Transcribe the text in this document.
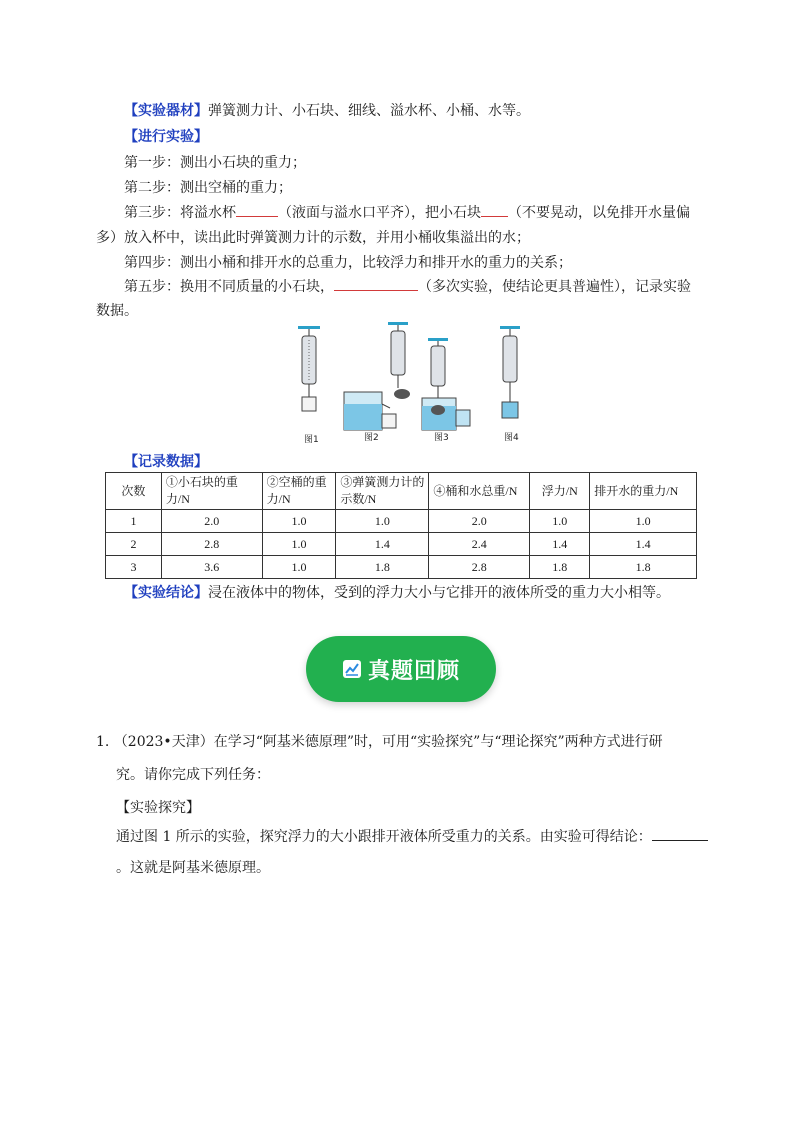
【实验器材】弹簧测力计、小石块、细线、溢水杯、小桶、水等。
【进行实验】
第一步：测出小石块的重力；
第二步：测出空桶的重力；
第三步：将溢水杯	（液面与溢水口平齐），把小石块 （不要晃动，以免排开水量偏
多）放入杯中，读出此时弹簧测力计的示数，并用小桶收集溢出的水；
第四步：测出小桶和排开水的总重力，比较浮力和排开水的重力的关系；
第五步：换用不同质量的小石块，	（多次实验，使结论更具普遍性），记录实验
数据。
图1	图2	图3	图4
【记录数据】
次数	①小石块的重力/N	②空桶的重力/N	③弹簧测力计的示数/N	④桶和水总重/N	浮力/N	排开水的重力/N
1	2.0	1.0	1.0	2.0	1.0	1.0
2	2.8	1.0	1.4	2.4	1.4	1.4
3	3.6	1.0	1.8	2.8	1.8	1.8
【实验结论】浸在液体中的物体，受到的浮力大小与它排开的液体所受的重力大小相等。
真题回顾
1. （2023•天津）在学习“阿基米德原理”时，可用“实验探究”与“理论探究”两种方式进行研
究。请你完成下列任务：
【实验探究】
通过图 1 所示的实验，探究浮力的大小跟排开液体所受重力的关系。由实验可得结论：
。这就是阿基米德原理。
